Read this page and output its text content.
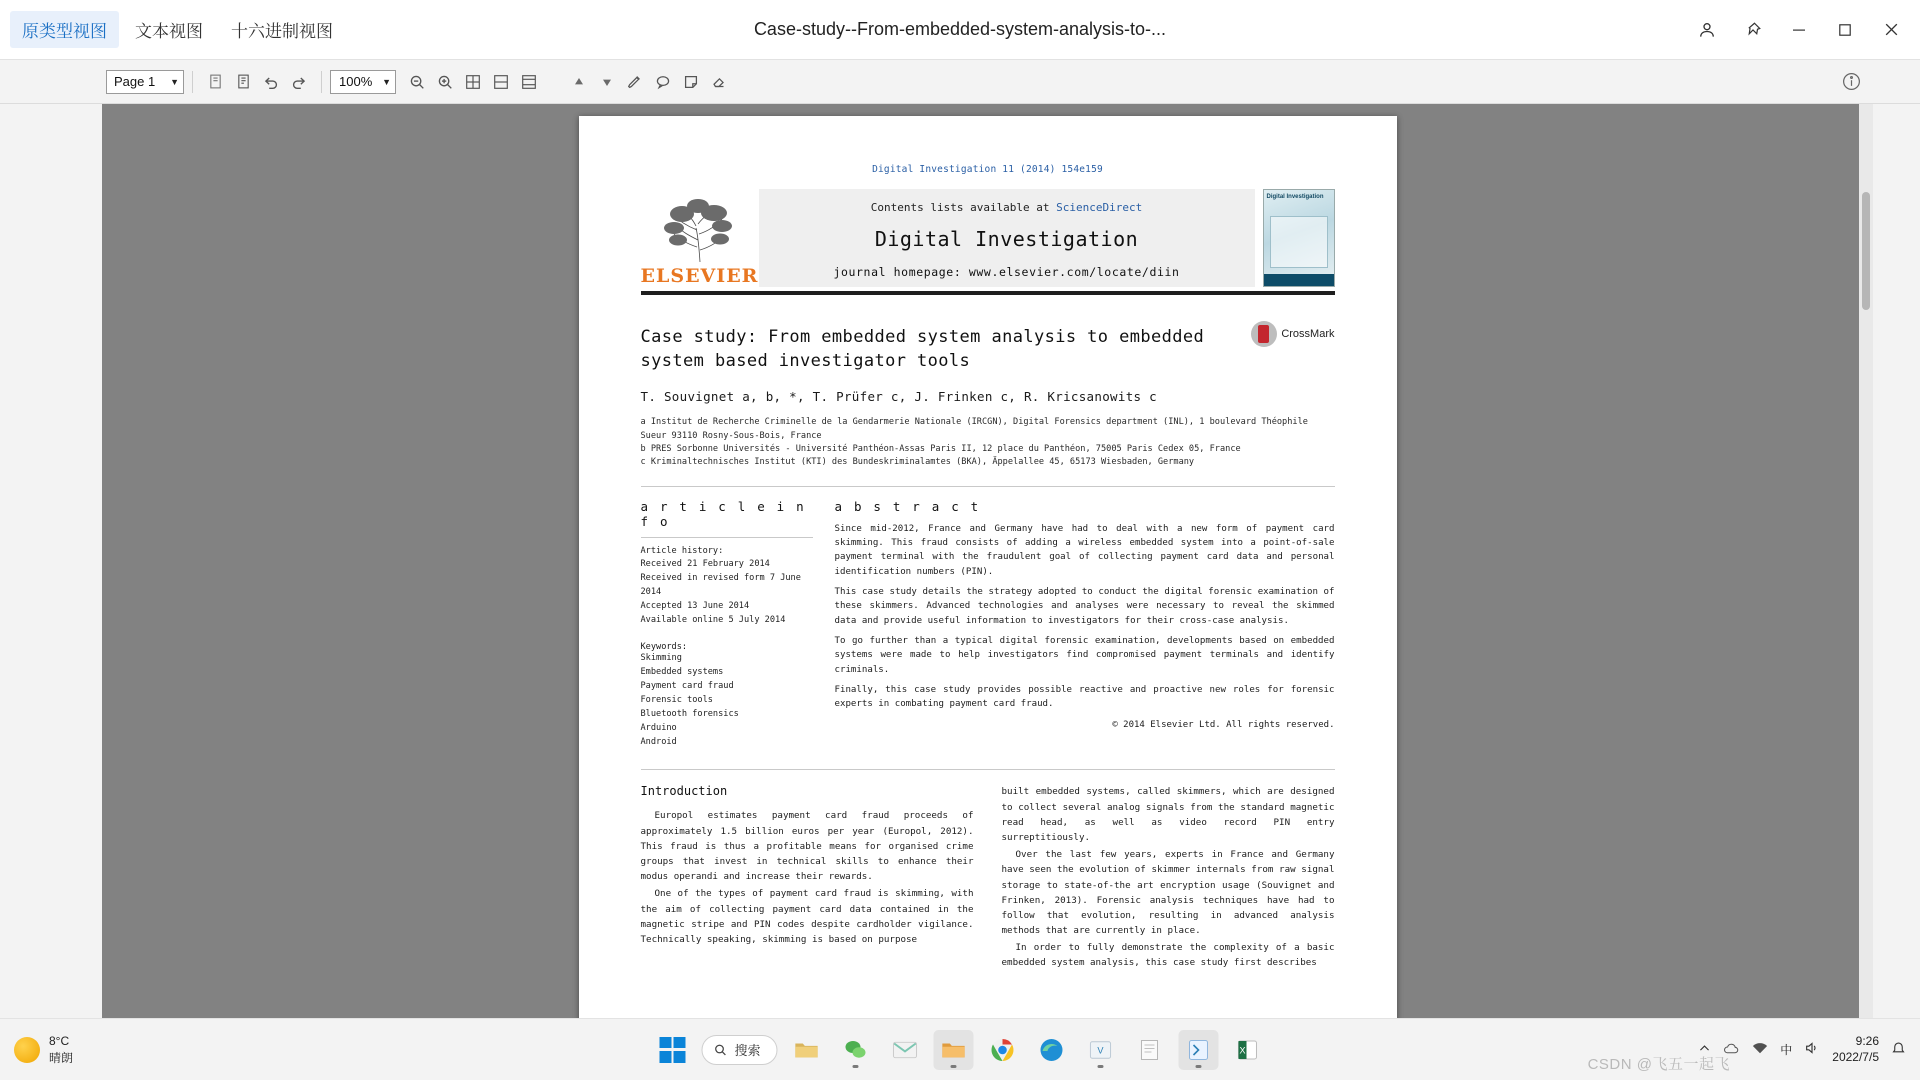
原类型视图	文本视图	十六进制视图	Case-study--From-embedded-system-analysis-to-...
Page 1 ▼	100% ▼
Digital Investigation 11 (2014) 154e159
ELSEVIER
Contents lists available at ScienceDirect
Digital Investigation
journal homepage: www.elsevier.com/locate/diin
Digital Investigation
Case study: From embedded system analysis to embedded system based investigator tools
CrossMark
T. Souvignet a, b, *, T. Prüfer c, J. Frinken c, R. Kricsanowits c
a Institut de Recherche Criminelle de la Gendarmerie Nationale (IRCGN), Digital Forensics department (INL), 1 boulevard Théophile Sueur 93110 Rosny-Sous-Bois, France
b PRES Sorbonne Universités - Université Panthéon-Assas Paris II, 12 place du Panthéon, 75005 Paris Cedex 05, France
c Kriminaltechnisches Institut (KTI) des Bundeskriminalamtes (BKA), Äppelallee 45, 65173 Wiesbaden, Germany
a r t i c l e i n f o
Article history:
Received 21 February 2014
Received in revised form 7 June 2014
Accepted 13 June 2014
Available online 5 July 2014
Keywords:
Skimming
Embedded systems
Payment card fraud
Forensic tools
Bluetooth forensics
Arduino
Android
a b s t r a c t

Since mid-2012, France and Germany have had to deal with a new form of payment card skimming. This fraud consists of adding a wireless embedded system into a point-of-sale payment terminal with the fraudulent goal of collecting payment card data and personal identification numbers (PIN).

This case study details the strategy adopted to conduct the digital forensic examination of these skimmers. Advanced technologies and analyses were necessary to reveal the skimmed data and provide useful information to investigators for their cross-case analysis.

To go further than a typical digital forensic examination, developments based on embedded systems were made to help investigators find compromised payment terminals and identify criminals.

Finally, this case study provides possible reactive and proactive new roles for forensic experts in combating payment card fraud.

© 2014 Elsevier Ltd. All rights reserved.
Introduction

Europol estimates payment card fraud proceeds of approximately 1.5 billion euros per year (Europol, 2012). This fraud is thus a profitable means for organised crime groups that invest in technical skills to enhance their modus operandi and increase their rewards.

One of the types of payment card fraud is skimming, with the aim of collecting payment card data contained in the magnetic stripe and PIN codes despite cardholder vigilance. Technically speaking, skimming is based on purpose

built embedded systems, called skimmers, which are designed to collect several analog signals from the standard magnetic read head, as well as video record PIN entry surreptitiously.

Over the last few years, experts in France and Germany have seen the evolution of skimmer internals from raw signal storage to state-of-the art encryption usage (Souvignet and Frinken, 2013). Forensic analysis techniques have had to follow that evolution, resulting in advanced analysis methods that are currently in place.

In order to fully demonstrate the complexity of a basic embedded system analysis, this case study first describes

8°C
晴朗	搜索	V	X	中
9:26
2022/7/5
CSDN @飞五一起飞
